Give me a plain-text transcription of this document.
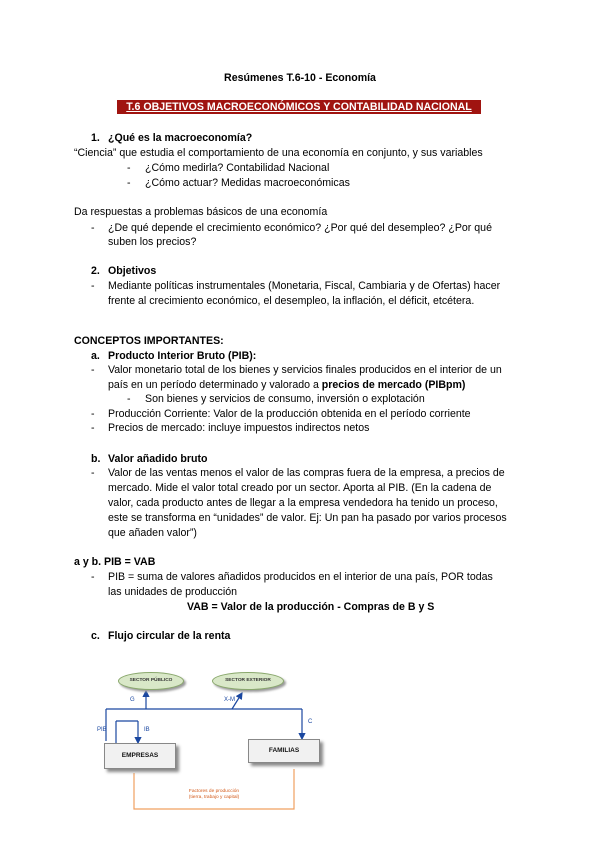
Resúmenes T.6-10 - Economía
T.6 OBJETIVOS MACROECONÓMICOS Y CONTABILIDAD NACIONAL
1. ¿Qué es la macroeconomía?
“Ciencia” que estudia el comportamiento de una economía en conjunto, y sus variables
- ¿Cómo medirla? Contabilidad Nacional
- ¿Cómo actuar? Medidas macroeconómicas
Da respuestas a problemas básicos de una economía
- ¿De qué depende el crecimiento económico? ¿Por qué del desempleo? ¿Por qué
suben los precios?
2. Objetivos
- Mediante políticas instrumentales (Monetaria, Fiscal, Cambiaria y de Ofertas) hacer
frente al crecimiento económico, el desempleo, la inflación, el déficit, etcétera.
CONCEPTOS IMPORTANTES:
a. Producto Interior Bruto (PIB):
- Valor monetario total de los bienes y servicios finales producidos en el interior de un
país en un período determinado y valorado a precios de mercado (PIBpm)
- Son bienes y servicios de consumo, inversión o explotación
- Producción Corriente: Valor de la producción obtenida en el período corriente
- Precios de mercado: incluye impuestos indirectos netos
b. Valor añadido bruto
- Valor de las ventas menos el valor de las compras fuera de la empresa, a precios de
mercado. Mide el valor total creado por un sector. Aporta al PIB. (En la cadena de
valor, cada producto antes de llegar a la empresa vendedora ha tenido un proceso,
este se transforma en “unidades” de valor. Ej: Un pan ha pasado por varios procesos
que añaden valor”)
a y b. PIB = VAB
- PIB = suma de valores añadidos producidos en el interior de una país, POR todas
las unidades de producción
VAB = Valor de la producción - Compras de B y S
c. Flujo circular de la renta
SECTOR PÚBLICO	SECTOR EXTERIOR
EMPRESAS
FAMILIAS
G	X-M
C
PIB	IB
Factores de producción
(tierra, trabajo y capital)
